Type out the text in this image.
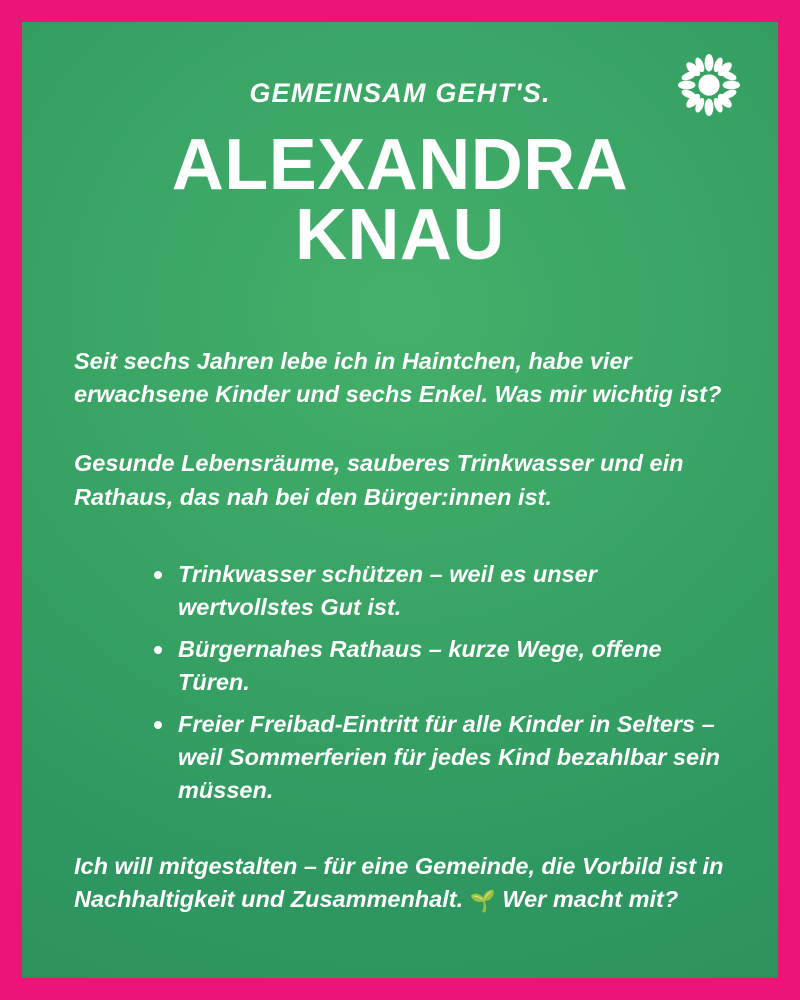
GEMEINSAM GEHT'S.
ALEXANDRA
KNAU

Seit sechs Jahren lebe ich in Haintchen, habe vier erwachsene Kinder und sechs Enkel. Was mir wichtig ist?

Gesunde Lebensräume, sauberes Trinkwasser und ein Rathaus, das nah bei den Bürger:innen ist.

Trinkwasser schützen – weil es unser wertvollstes Gut ist.
Bürgernahes Rathaus – kurze Wege, offene Türen.
Freier Freibad-Eintritt für alle Kinder in Selters – weil Sommerferien für jedes Kind bezahlbar sein müssen.

Ich will mitgestalten – für eine Gemeinde, die Vorbild ist in Nachhaltigkeit und Zusammenhalt. 🌱 Wer macht mit?
